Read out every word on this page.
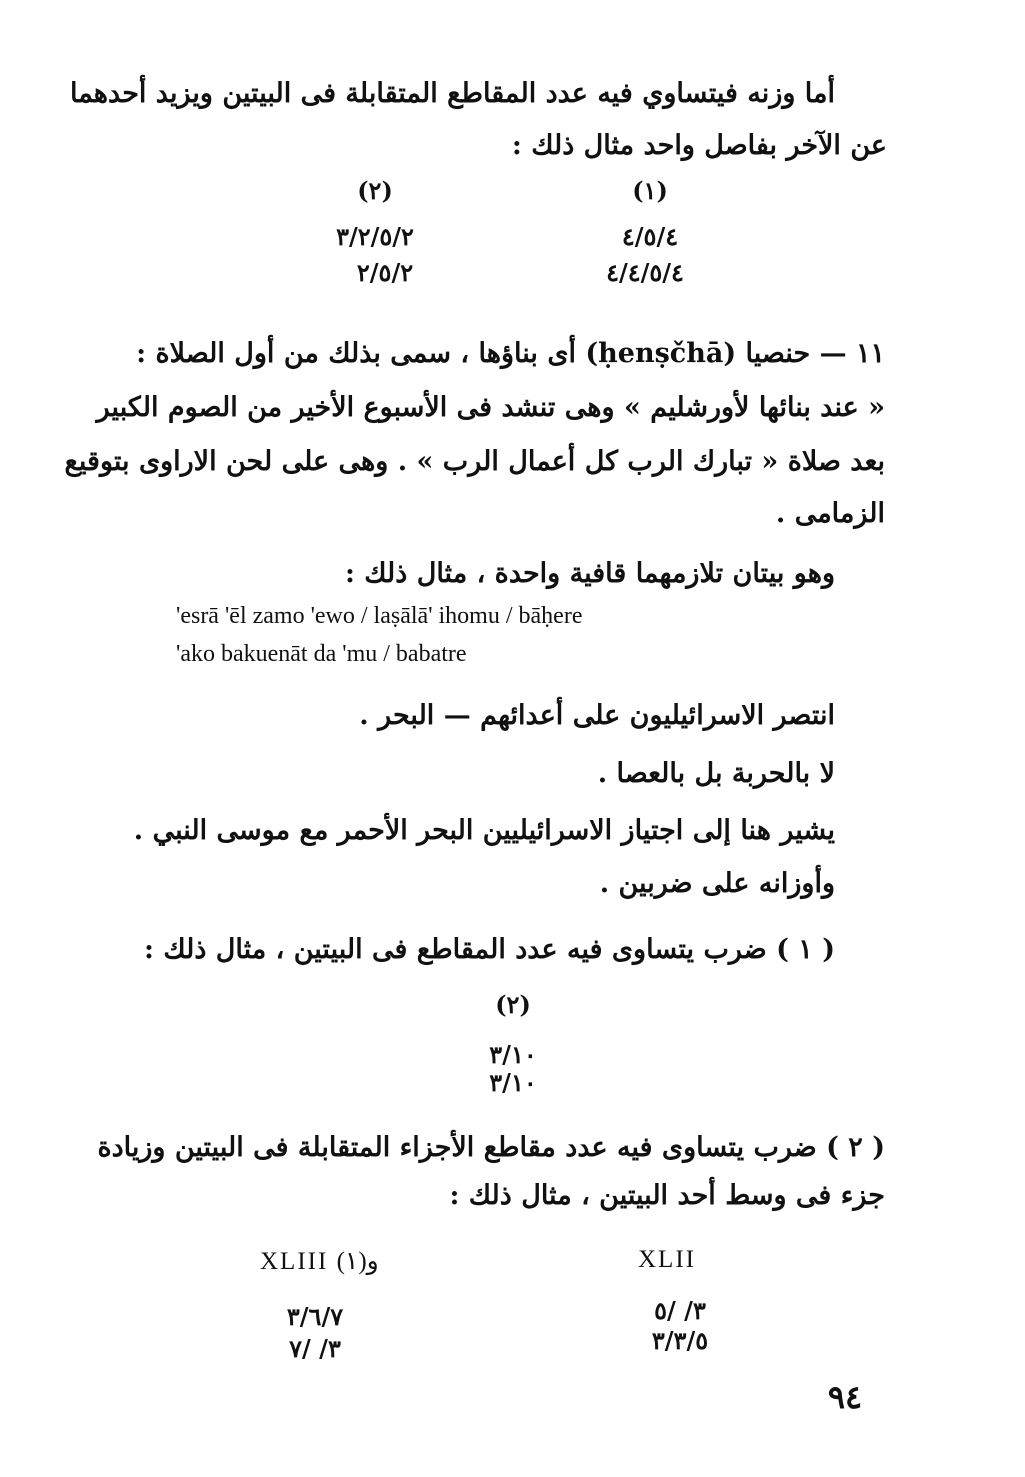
أما وزنه فيتساوي فيه عدد المقاطع المتقابلة فى البيتين ويزيد أحدهما
عن الآخر بفاصل واحد مثال ذلك :
(١)
٤/٥/٤
٤/٤/٥/٤
(٢)
٣/٢/٥/٢
٢/٥/٢
١١ — حنصيا (ḥenṣčhā) أى بناؤها ، سمى بذلك من أول الصلاة :
« عند بنائها لأورشليم » وهى تنشد فى الأسبوع الأخير من الصوم الكبير
بعد صلاة « تبارك الرب كل أعمال الرب » . وهى على لحن الاراوى بتوقيع
الزمامى .
وهو بيتان تلازمهما قافية واحدة ، مثال ذلك :
'esrā 'ēl zamo 'ewo / laṣālā' ihomu / bāḥere
'ako bakuenāt da 'mu / babatre
انتصر الاسرائيليون على أعدائهم — البحر .
لا بالحربة بل بالعصا .
يشير هنا إلى اجتياز الاسرائيليين البحر الأحمر مع موسى النبي .
وأوزانه على ضربين .
( ١ ) ضرب يتساوى فيه عدد المقاطع فى البيتين ، مثال ذلك :
(٢)
٣/١٠
٣/١٠
( ٢ ) ضرب يتساوى فيه عدد مقاطع الأجزاء المتقابلة فى البيتين وزيادة
جزء فى وسط أحد البيتين ، مثال ذلك :
XLII
٣/ /٥
٣/٣/٥
XLIII و(١)
٣/٦/٧
٣/ /٧
٩٤
